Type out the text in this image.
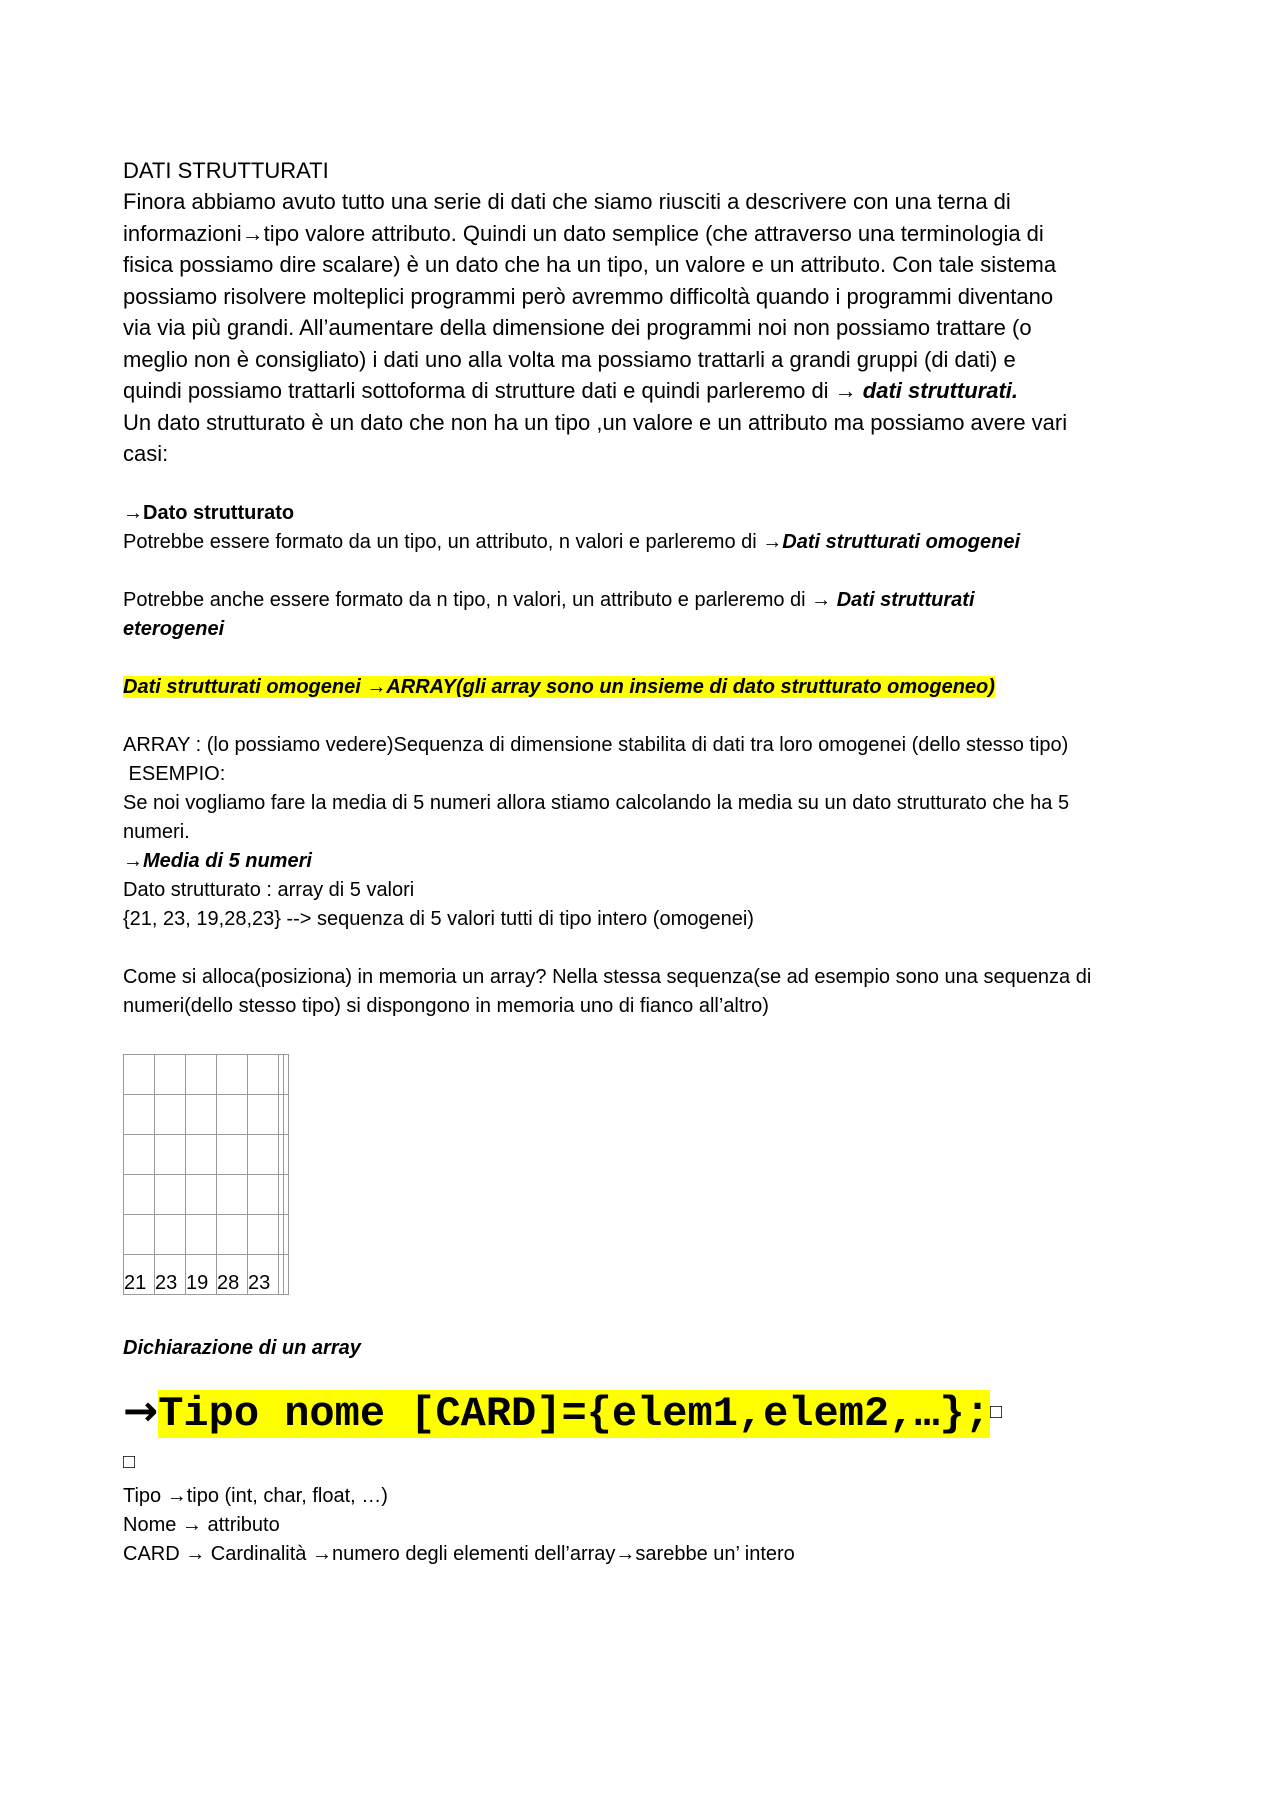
DATI STRUTTURATI

Finora abbiamo avuto tutto una serie di dati che siamo riusciti a descrivere con una terna di

informazioni→tipo valore attributo. Quindi un dato semplice (che attraverso una terminologia di

fisica possiamo dire scalare) è un dato che ha un tipo, un valore e un attributo. Con tale sistema

possiamo risolvere molteplici programmi però avremmo difficoltà quando i programmi diventano

via via più grandi. All’aumentare della dimensione dei programmi noi non possiamo trattare (o

meglio non è consigliato) i dati uno alla volta ma possiamo trattarli a grandi gruppi (di dati) e

quindi possiamo trattarli sottoforma di strutture dati e quindi parleremo di → dati strutturati.

Un dato strutturato è un dato che non ha un tipo ,un valore e un attributo ma possiamo avere vari

casi:

→Dato strutturato

Potrebbe essere formato da un tipo, un attributo, n valori e parleremo di →Dati strutturati omogenei

Potrebbe anche essere formato da n tipo, n valori, un attributo e parleremo di → Dati strutturati

eterogenei

Dati strutturati omogenei →ARRAY(gli array sono un insieme di dato strutturato omogeneo)

ARRAY : (lo possiamo vedere)Sequenza di dimensione stabilita di dati tra loro omogenei (dello stesso tipo)

ESEMPIO:

Se noi vogliamo fare la media di 5 numeri allora stiamo calcolando la media su un dato strutturato che ha 5

numeri.

→Media di 5 numeri

Dato strutturato : array di 5 valori

{21, 23, 19,28,23} --> sequenza di 5 valori tutti di tipo intero (omogenei)

Come si alloca(posiziona) in memoria un array? Nella stessa sequenza(se ad esempio sono una sequenza di

numeri(dello stesso tipo) si dispongono in memoria uno di fianco all’altro)

21	23	19	28	23		

Dichiarazione di un array

→Tipo nome [CARD]={elem1,elem2,…};□
□

Tipo →tipo (int, char, float, …)

Nome → attributo

CARD → Cardinalità →numero degli elementi dell’array→sarebbe un’ intero
